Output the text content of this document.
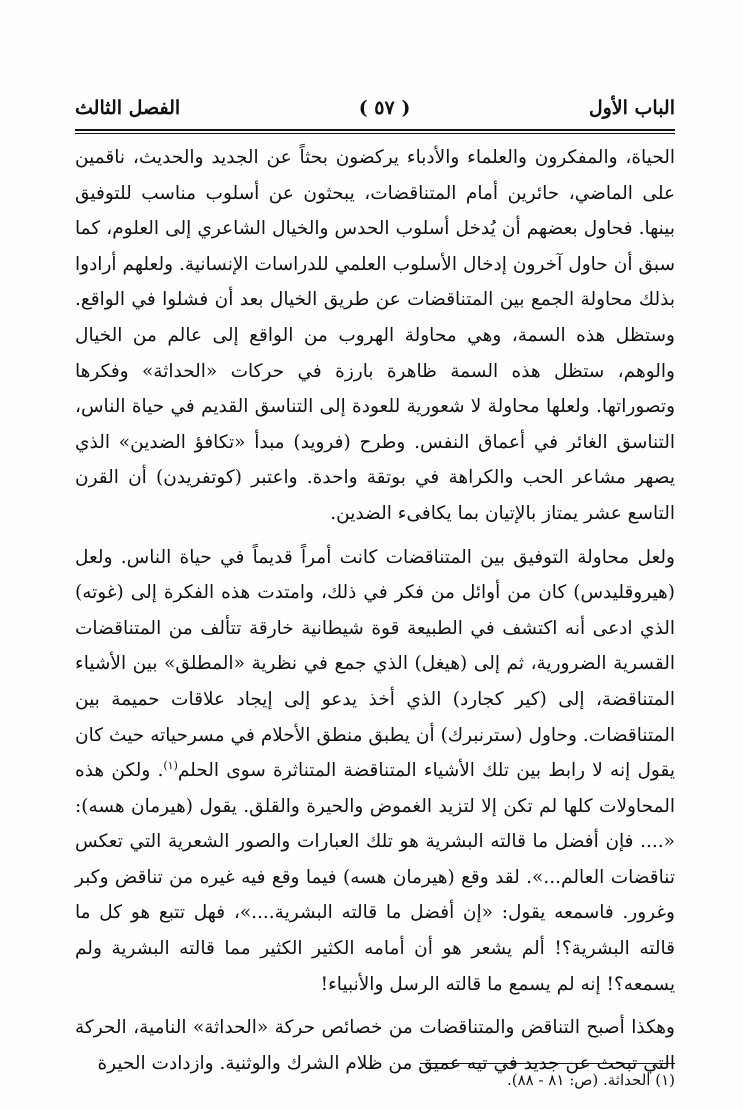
الباب الأول
( ٥٧ )
الفصل الثالث

الحياة، والمفكرون والعلماء والأدباء يركضون بحثاً عن الجديد والحديث، ناقمين على الماضي، حائرين أمام المتناقضات، يبحثون عن أسلوب مناسب للتوفيق بينها. فحاول بعضهم أن يُدخل أسلوب الحدس والخيال الشاعري إلى العلوم، كما سبق أن حاول آخرون إدخال الأسلوب العلمي للدراسات الإنسانية. ولعلهم أرادوا بذلك محاولة الجمع بين المتناقضات عن طريق الخيال بعد أن فشلوا في الواقع. وستظل هذه السمة، وهي محاولة الهروب من الواقع إلى عالم من الخيال والوهم، ستظل هذه السمة ظاهرة بارزة في حركات «الحداثة» وفكرها وتصوراتها. ولعلها محاولة لا شعورية للعودة إلى التناسق القديم في حياة الناس، التناسق الغائر في أعماق النفس. وطرح (فرويد) مبدأ «تكافؤ الضدين» الذي يصهر مشاعر الحب والكراهة في بوتقة واحدة. واعتبر (كوتفريدن) أن القرن التاسع عشر يمتاز بالإتيان بما يكافىء الضدين.

ولعل محاولة التوفيق بين المتناقضات كانت أمراً قديماً في حياة الناس. ولعل (هيروقليدس) كان من أوائل من فكر في ذلك، وامتدت هذه الفكرة إلى (غوته) الذي ادعى أنه اكتشف في الطبيعة قوة شيطانية خارقة تتألف من المتناقضات القسرية الضرورية، ثم إلى (هيغل) الذي جمع في نظرية «المطلق» بين الأشياء المتناقضة، إلى (كير كجارد) الذي أخذ يدعو إلى إيجاد علاقات حميمة بين المتناقضات. وحاول (سترنبرك) أن يطبق منطق الأحلام في مسرحياته حيث كان يقول إنه لا رابط بين تلك الأشياء المتناقضة المتناثرة سوى الحلم$^{(١)}$. ولكن هذه المحاولات كلها لم تكن إلا لتزيد الغموض والحيرة والقلق. يقول (هيرمان هسه): «.... فإن أفضل ما قالته البشرية هو تلك العبارات والصور الشعرية التي تعكس تناقضات العالم...». لقد وقع (هيرمان هسه) فيما وقع فيه غيره من تناقض وكبر وغرور. فاسمعه يقول: «إن أفضل ما قالته البشرية....»، فهل تتبع هو كل ما قالته البشرية؟! ألم يشعر هو أن أمامه الكثير الكثير مما قالته البشرية ولم يسمعه؟! إنه لم يسمع ما قالته الرسل والأنبياء!

وهكذا أصبح التناقض والمتناقضات من خصائص حركة «الحداثة» النامية، الحركة التي تبحث عن جديد في تيه عميق من ظلام الشرك والوثنية. وازدادت الحيرة

(١) الحداثة. (ص: ٨١ - ٨٨).
